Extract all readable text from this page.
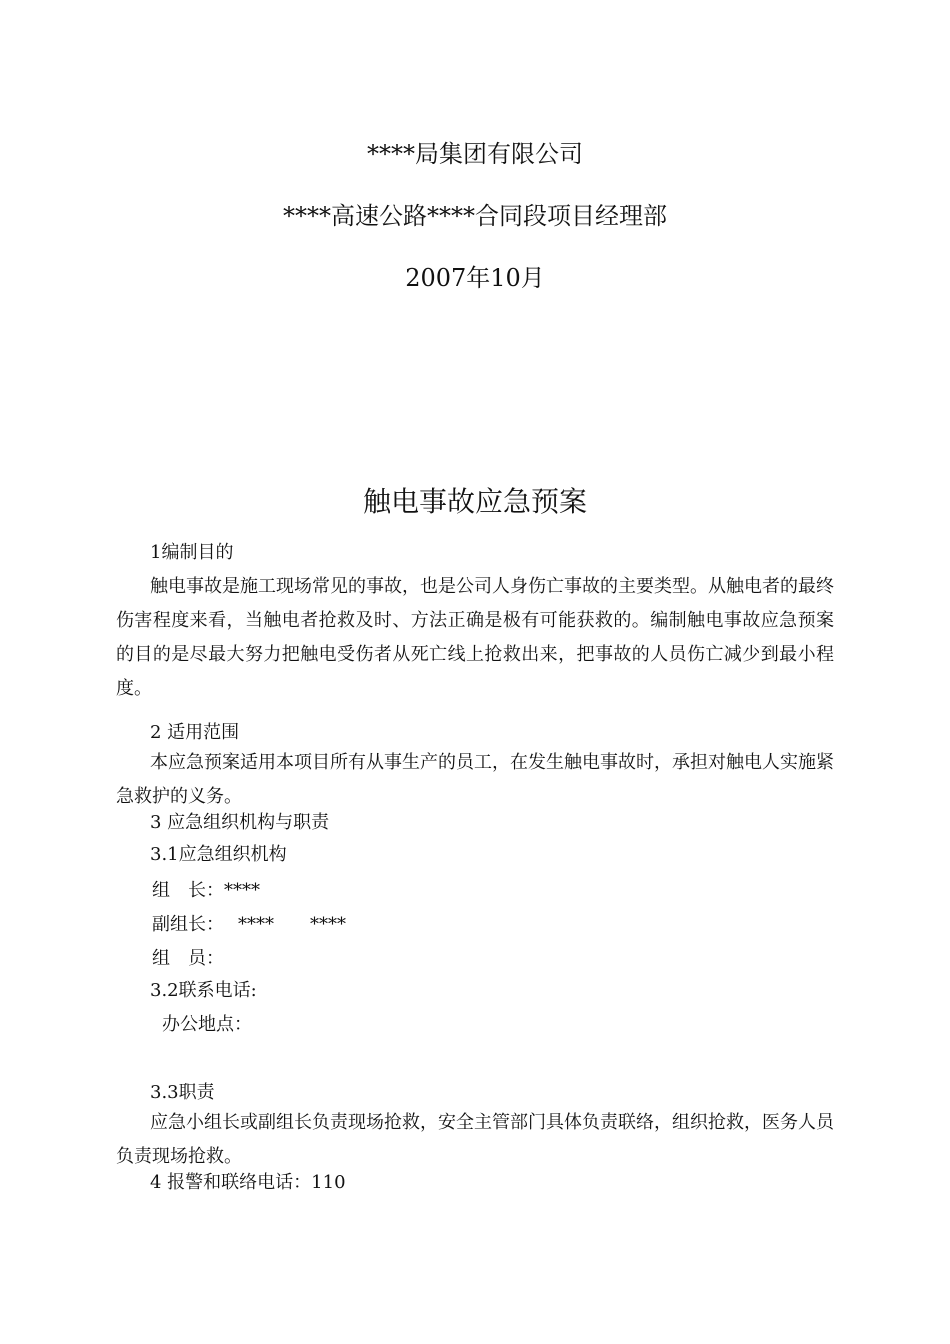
****局集团有限公司
****高速公路****合同段项目经理部
2007年10月
触电事故应急预案
1编制目的
触电事故是施工现场常见的事故，也是公司人身伤亡事故的主要类型。从触电者的最终伤害程度来看，当触电者抢救及时、方法正确是极有可能获救的。编制触电事故应急预案的目的是尽最大努力把触电受伤者从死亡线上抢救出来，把事故的人员伤亡减少到最小程度。
2 适用范围
本应急预案适用本项目所有从事生产的员工，在发生触电事故时，承担对触电人实施紧急救护的义务。
3 应急组织机构与职责
3.1应急组织机构
组　长：****
副组长： **** ****
组　员：
3.2联系电话:
办公地点：
3.3职责
应急小组长或副组长负责现场抢救，安全主管部门具体负责联络，组织抢救，医务人员负责现场抢救。
4 报警和联络电话：110
